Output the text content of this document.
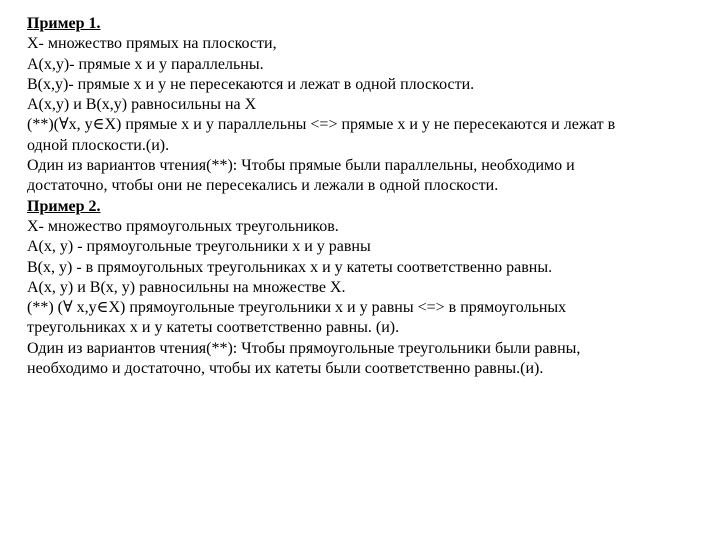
Пример 1.
Х- множество прямых на плоскости,
А(x,y)- прямые x и y параллельны.
В(x,y)- прямые x и y не пересекаются и лежат в одной плоскости.
А(x,y) и В(x,y) равносильны на Х
(**)(∀x, y∈Х) прямые х и у параллельны <=> прямые х и у не пересекаются и лежат в
одной плоскости.(и).
Один из вариантов чтения(**): Чтобы прямые были параллельны, необходимо и
достаточно, чтобы они не пересекались и лежали в одной плоскости.
Пример 2.
Х- множество прямоугольных треугольников.
А(х, у) - прямоугольные треугольники х и у равны
В(х, у) - в прямоугольных треугольниках х и у катеты соответственно равны.
А(х, у) и В(х, у) равносильны на множестве Х.
(**) (∀ х,у∈Х) прямоугольные треугольники х и у равны <=> в прямоугольных
треугольниках х и у катеты соответственно равны. (и).
Один из вариантов чтения(**): Чтобы прямоугольные треугольники были равны,
необходимо и достаточно, чтобы их катеты были соответственно равны.(и).
